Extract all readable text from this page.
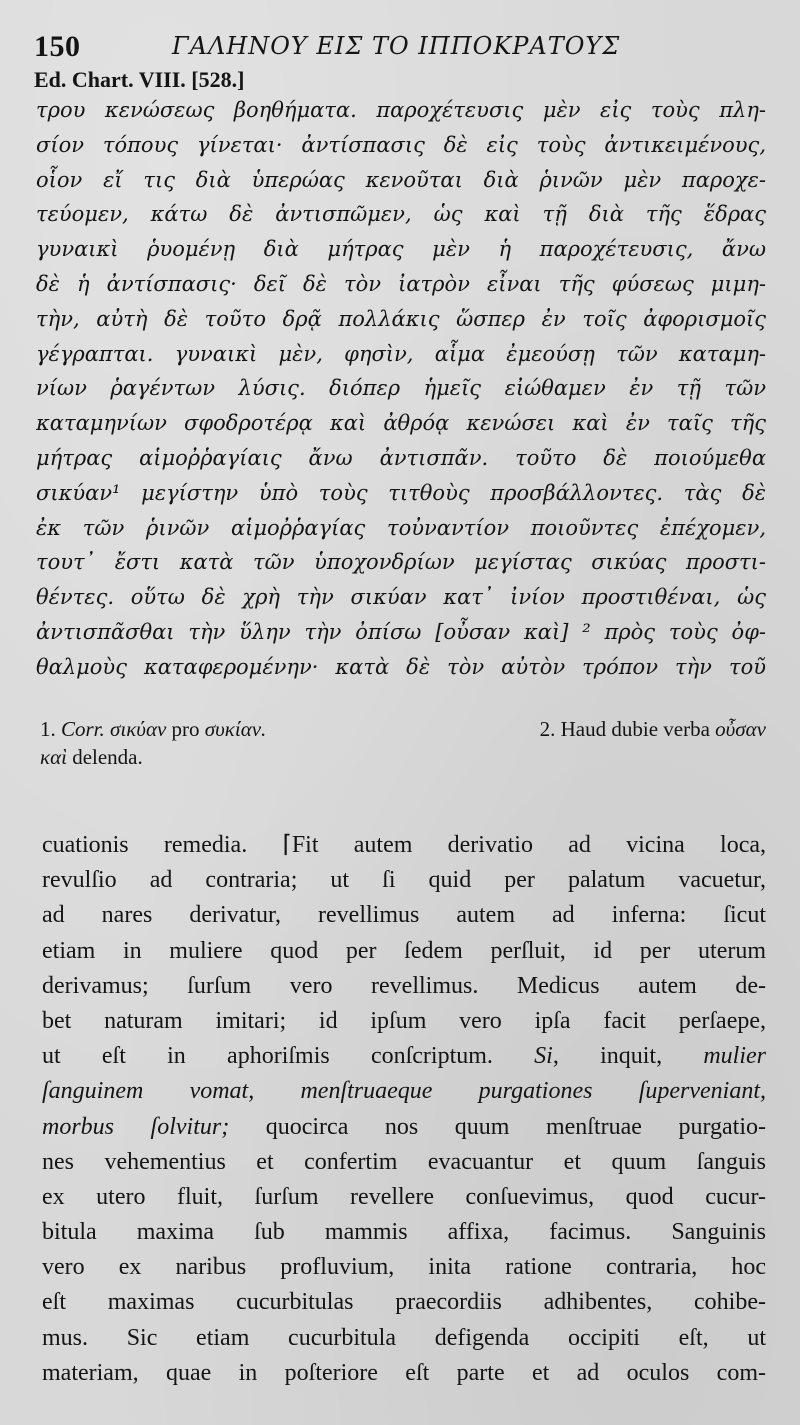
150	ΓΑΛΗΝΟΥ ΕΙΣ ΤΟ ΙΠΠΟΚΡΑΤΟΥΣ
Ed. Chart. VIII. [528.]
τρου κενώσεως βοηθήματα. παροχέτευσις μὲν εἰς τοὺς πλη-
σίον τόπους γίνεται· ἀντίσπασις δὲ εἰς τοὺς ἀντικειμένους,
οἷον εἴ τις διὰ ὑπερώας κενοῦται διὰ ῥινῶν μὲν παροχε-
τεύομεν, κάτω δὲ ἀντισπῶμεν, ὡς καὶ τῇ διὰ τῆς ἕδρας
γυναικὶ ῥυομένῃ διὰ μήτρας μὲν ἡ παροχέτευσις, ἄνω
δὲ ἡ ἀντίσπασις· δεῖ δὲ τὸν ἰατρὸν εἶναι τῆς φύσεως μιμη-
τὴν, αὐτὴ δὲ τοῦτο δρᾷ πολλάκις ὥσπερ ἐν τοῖς ἀφορισμοῖς
γέγραπται. γυναικὶ μὲν, φησὶν, αἷμα ἐμεούσῃ τῶν καταμη-
νίων ῥαγέντων λύσις. διόπερ ἡμεῖς εἰώθαμεν ἐν τῇ τῶν
καταμηνίων σφοδροτέρᾳ καὶ ἀθρόᾳ κενώσει καὶ ἐν ταῖς τῆς
μήτρας αἱμοῤῥαγίαις ἄνω ἀντισπᾶν. τοῦτο δὲ ποιούμεθα
σικύαν¹ μεγίστην ὑπὸ τοὺς τιτθοὺς προσβάλλοντες. τὰς δὲ
ἐκ τῶν ῥινῶν αἱμοῤῥαγίας τοὐναντίον ποιοῦντες ἐπέχομεν,
τουτ᾿ ἔστι κατὰ τῶν ὑποχονδρίων μεγίστας σικύας προστι-
θέντες. οὕτω δὲ χρὴ τὴν σικύαν κατ᾿ ἰνίον προστιθέναι, ὡς
ἀντισπᾶσθαι τὴν ὕλην τὴν ὀπίσω [οὖσαν καὶ] ² πρὸς τοὺς ὀφ-
θαλμοὺς καταφερομένην· κατὰ δὲ τὸν αὐτὸν τρόπον τὴν τοῦ
1. Corr. σικύαν pro συκίαν.	2. Haud dubie verba οὖσαν
καὶ delenda.
cuationis remedia. ⌈Fit autem derivatio ad vicina loca,
revulſio ad contraria; ut ſi quid per palatum vacuetur,
ad nares derivatur, revellimus autem ad inferna: ſicut
etiam in muliere quod per ſedem perſluit, id per uterum
derivamus; ſurſum vero revellimus. Medicus autem de-
bet naturam imitari; id ipſum vero ipſa facit perſaepe,
ut eſt in aphoriſmis conſcriptum. Si, inquit, mulier
ſanguinem vomat, menſtruaeque purgationes ſuperveniant,
morbus ſolvitur; quocirca nos quum menſtruae purgatio-
nes vehementius et confertim evacuantur et quum ſanguis
ex utero fluit, ſurſum revellere conſuevimus, quod cucur-
bitula maxima ſub mammis affixa, facimus. Sanguinis
vero ex naribus profluvium, inita ratione contraria, hoc
eſt maximas cucurbitulas praecordiis adhibentes, cohibe-
mus. Sic etiam cucurbitula defigenda occipiti eſt, ut
materiam, quae in poſteriore eſt parte et ad oculos com-
